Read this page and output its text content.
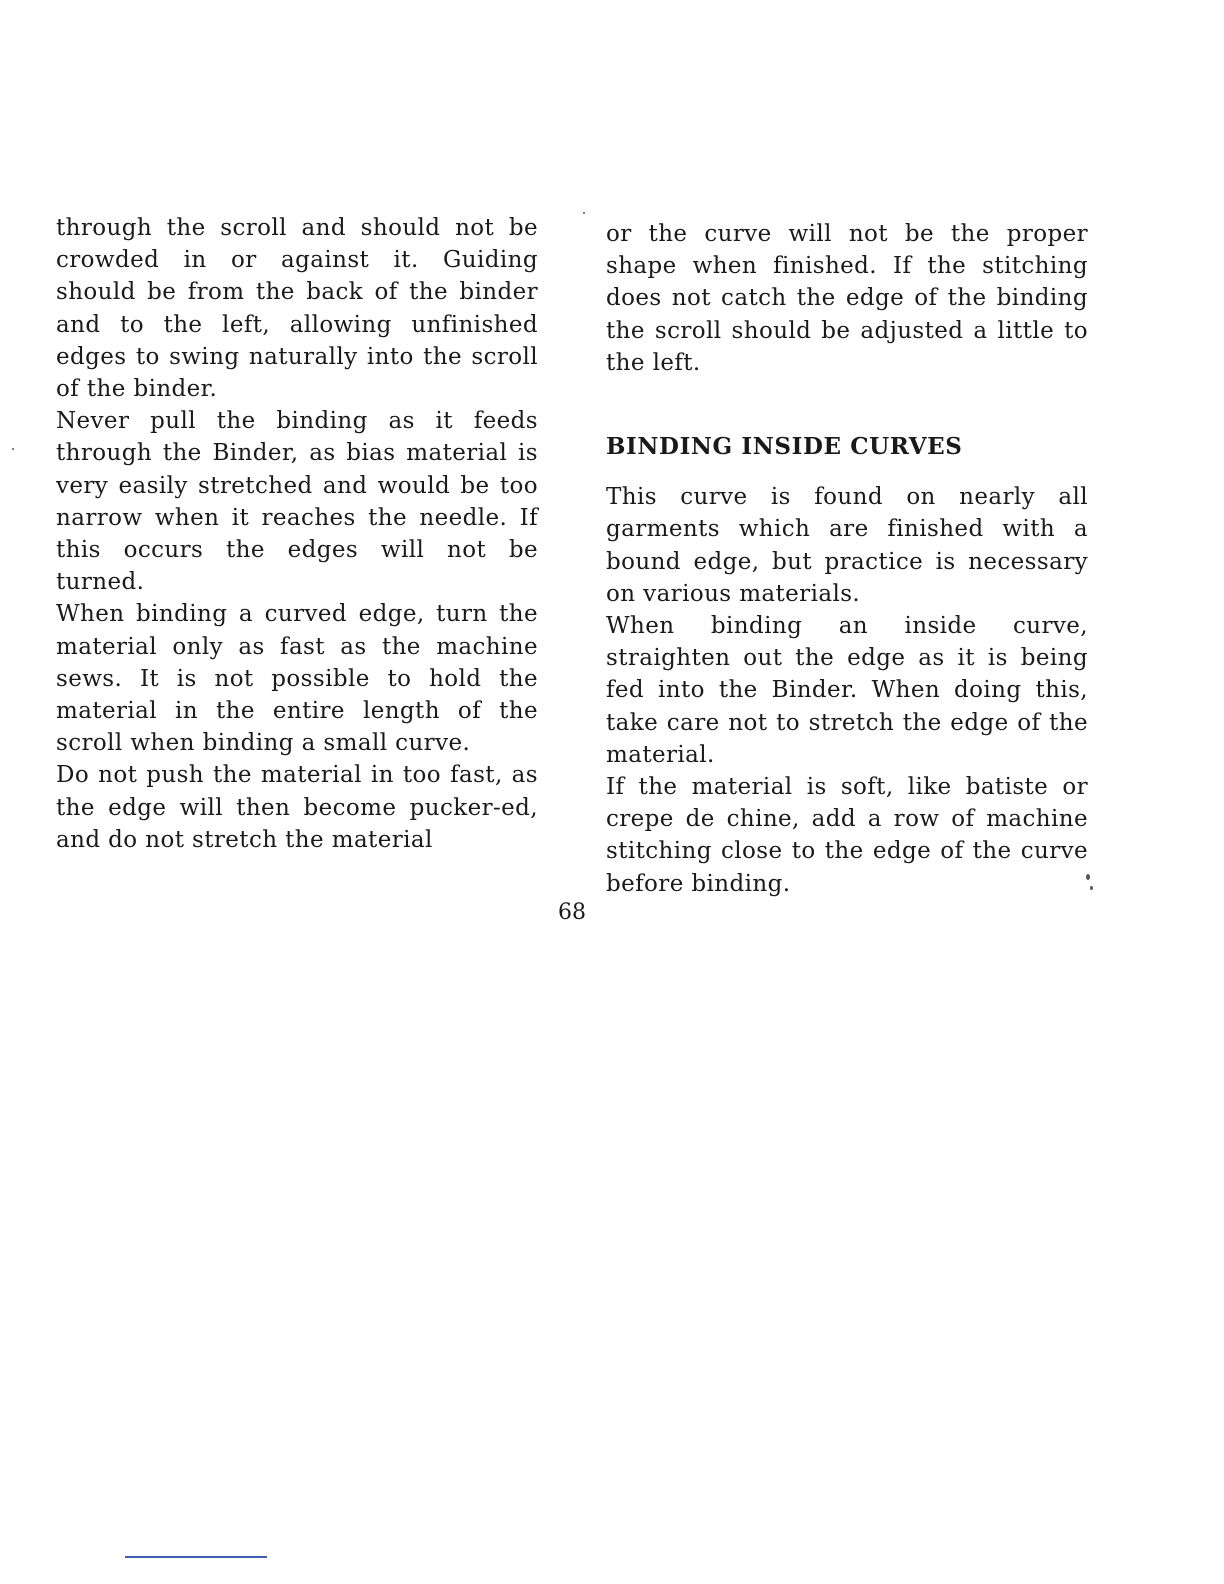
through the scroll and should not be crowded in or against it. Guiding should be from the back of the binder and to the left, allowing unfinished edges to swing naturally into the scroll of the binder.

Never pull the binding as it feeds through the Binder, as bias material is very easily stretched and would be too narrow when it reaches the needle. If this occurs the edges will not be turned.

When binding a curved edge, turn the material only as fast as the machine sews. It is not possible to hold the material in the entire length of the scroll when binding a small curve.

Do not push the material in too fast, as the edge will then become pucker-ed, and do not stretch the material

or the curve will not be the proper shape when finished. If the stitching does not catch the edge of the binding the scroll should be adjusted a little to the left.

BINDING INSIDE CURVES

This curve is found on nearly all garments which are finished with a bound edge, but practice is necessary on various materials.

When binding an inside curve, straighten out the edge as it is being fed into the Binder. When doing this, take care not to stretch the edge of the material.

If the material is soft, like batiste or crepe de chine, add a row of machine stitching close to the edge of the curve before binding.

68
